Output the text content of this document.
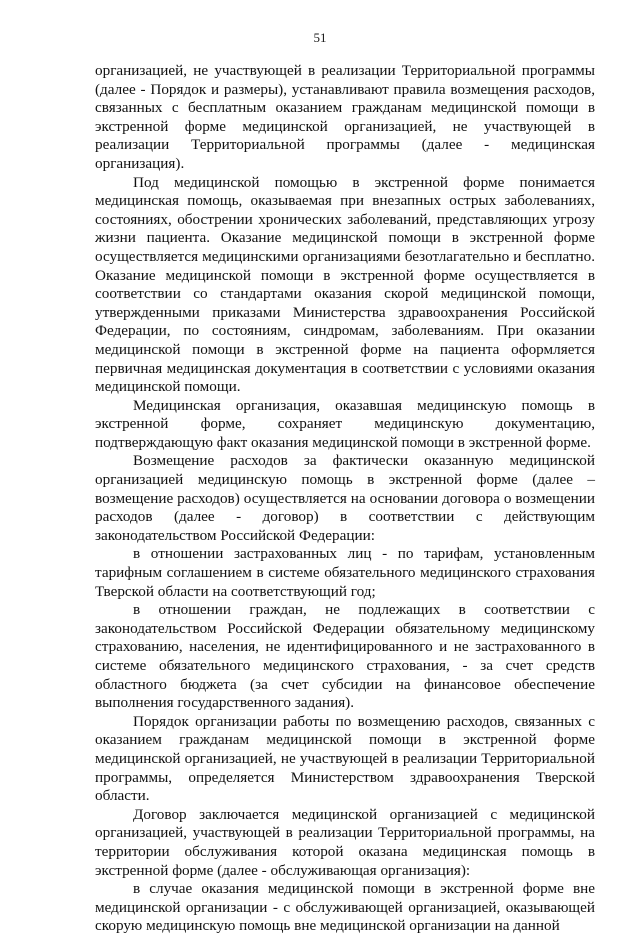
51

организацией, не участвующей в реализации Территориальной программы (далее - Порядок и размеры), устанавливают правила возмещения расходов, связанных с бесплатным оказанием гражданам медицинской помощи в экстренной форме медицинской организацией, не участвующей в реализации Территориальной программы (далее - медицинская организация).

Под медицинской помощью в экстренной форме понимается медицинская помощь, оказываемая при внезапных острых заболеваниях, состояниях, обострении хронических заболеваний, представляющих угрозу жизни пациента. Оказание медицинской помощи в экстренной форме осуществляется медицинскими организациями безотлагательно и бесплатно. Оказание медицинской помощи в экстренной форме осуществляется в соответствии со стандартами оказания скорой медицинской помощи, утвержденными приказами Министерства здравоохранения Российской Федерации, по состояниям, синдромам, заболеваниям. При оказании медицинской помощи в экстренной форме на пациента оформляется первичная медицинская документация в соответствии с условиями оказания медицинской помощи.

Медицинская организация, оказавшая медицинскую помощь в экстренной форме, сохраняет медицинскую документацию, подтверждающую факт оказания медицинской помощи в экстренной форме.

Возмещение расходов за фактически оказанную медицинской организацией медицинскую помощь в экстренной форме (далее – возмещение расходов) осуществляется на основании договора о возмещении расходов (далее - договор) в соответствии с действующим законодательством Российской Федерации:

в отношении застрахованных лиц - по тарифам, установленным тарифным соглашением в системе обязательного медицинского страхования Тверской области на соответствующий год;

в отношении граждан, не подлежащих в соответствии с законодательством Российской Федерации обязательному медицинскому страхованию, населения, не идентифицированного и не застрахованного в системе обязательного медицинского страхования, - за счет средств областного бюджета (за счет субсидии на финансовое обеспечение выполнения государственного задания).

Порядок организации работы по возмещению расходов, связанных с оказанием гражданам медицинской помощи в экстренной форме медицинской организацией, не участвующей в реализации Территориальной программы, определяется Министерством здравоохранения Тверской области.

Договор заключается медицинской организацией с медицинской организацией, участвующей в реализации Территориальной программы, на территории обслуживания которой оказана медицинская помощь в экстренной форме (далее - обслуживающая организация):

в случае оказания медицинской помощи в экстренной форме вне медицинской организации - с обслуживающей организацией, оказывающей скорую медицинскую помощь вне медицинской организации на данной
